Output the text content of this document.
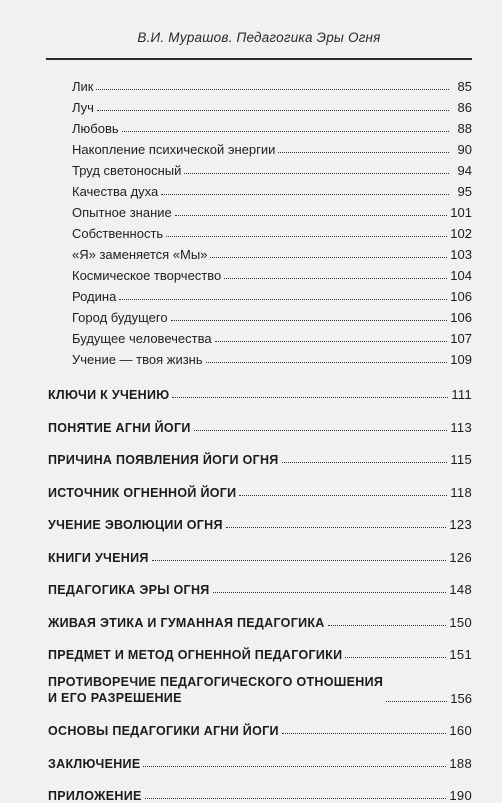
В.И. Мурашов. Педагогика Эры Огня
Лик	85
Луч	86
Любовь	88
Накопление психической энергии	90
Труд светоносный	94
Качества духа	95
Опытное знание	101
Собственность	102
«Я» заменяется «Мы»	103
Космическое творчество	104
Родина	106
Город будущего	106
Будущее человечества	107
Учение — твоя жизнь	109
КЛЮЧИ К УЧЕНИЮ	111
ПОНЯТИЕ АГНИ ЙОГИ	113
ПРИЧИНА ПОЯВЛЕНИЯ ЙОГИ ОГНЯ	115
ИСТОЧНИК ОГНЕННОЙ ЙОГИ	118
УЧЕНИЕ ЭВОЛЮЦИИ ОГНЯ	123
КНИГИ УЧЕНИЯ	126
ПЕДАГОГИКА ЭРЫ ОГНЯ	148
ЖИВАЯ ЭТИКА И ГУМАННАЯ ПЕДАГОГИКА	150
ПРЕДМЕТ И МЕТОД ОГНЕННОЙ ПЕДАГОГИКИ	151
ПРОТИВОРЕЧИЕ ПЕДАГОГИЧЕСКОГО ОТНОШЕНИЯ
И ЕГО РАЗРЕШЕНИЕ	156
ОСНОВЫ ПЕДАГОГИКИ АГНИ ЙОГИ	160
ЗАКЛЮЧЕНИЕ	188
ПРИЛОЖЕНИЕ	190
